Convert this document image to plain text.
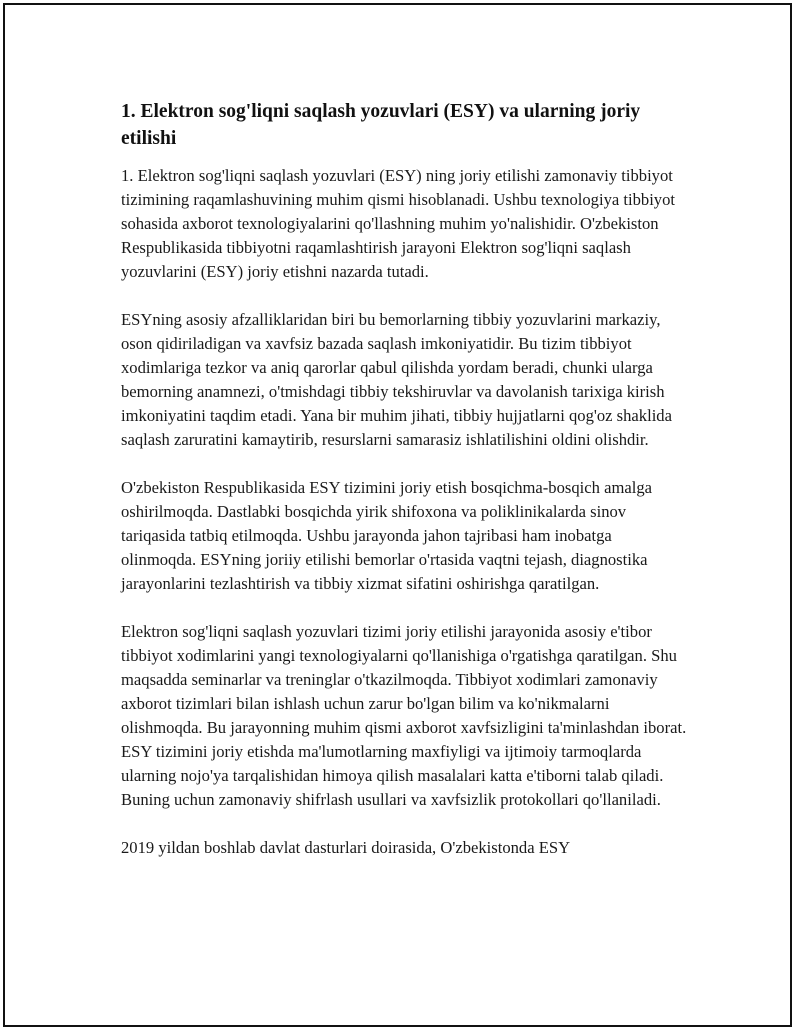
1. Elektron sog'liqni saqlash yozuvlari (ESY) va ularning joriy etilishi

1. Elektron sog'liqni saqlash yozuvlari (ESY) ning joriy etilishi zamonaviy tibbiyot tizimining raqamlashuvining muhim qismi hisoblanadi. Ushbu texnologiya tibbiyot sohasida axborot texnologiyalarini qo'llashning muhim yo'nalishidir. O'zbekiston Respublikasida tibbiyotni raqamlashtirish jarayoni Elektron sog'liqni saqlash yozuvlarini (ESY) joriy etishni nazarda tutadi.

ESYning asosiy afzalliklaridan biri bu bemorlarning tibbiy yozuvlarini markaziy, oson qidiriladigan va xavfsiz bazada saqlash imkoniyatidir. Bu tizim tibbiyot xodimlariga tezkor va aniq qarorlar qabul qilishda yordam beradi, chunki ularga bemorning anamnezi, o'tmishdagi tibbiy tekshiruvlar va davolanish tarixiga kirish imkoniyatini taqdim etadi. Yana bir muhim jihati, tibbiy hujjatlarni qog'oz shaklida saqlash zaruratini kamaytirib, resurslarni samarasiz ishlatilishini oldini olishdir.

O'zbekiston Respublikasida ESY tizimini joriy etish bosqichma-bosqich amalga oshirilmoqda. Dastlabki bosqichda yirik shifoxona va poliklinikalarda sinov tariqasida tatbiq etilmoqda. Ushbu jarayonda jahon tajribasi ham inobatga olinmoqda. ESYning joriiy etilishi bemorlar o'rtasida vaqtni tejash, diagnostika jarayonlarini tezlashtirish va tibbiy xizmat sifatini oshirishga qaratilgan.

Elektron sog'liqni saqlash yozuvlari tizimi joriy etilishi jarayonida asosiy e'tibor tibbiyot xodimlarini yangi texnologiyalarni qo'llanishiga o'rgatishga qaratilgan. Shu maqsadda seminarlar va treninglar o'tkazilmoqda. Tibbiyot xodimlari zamonaviy axborot tizimlari bilan ishlash uchun zarur bo'lgan bilim va ko'nikmalarni olishmoqda. Bu jarayonning muhim qismi axborot xavfsizligini ta'minlashdan iborat. ESY tizimini joriy etishda ma'lumotlarning maxfiyligi va ijtimoiy tarmoqlarda ularning nojo'ya tarqalishidan himoya qilish masalalari katta e'tiborni talab qiladi. Buning uchun zamonaviy shifrlash usullari va xavfsizlik protokollari qo'llaniladi.

2019 yildan boshlab davlat dasturlari doirasida, O'zbekistonda ESY
